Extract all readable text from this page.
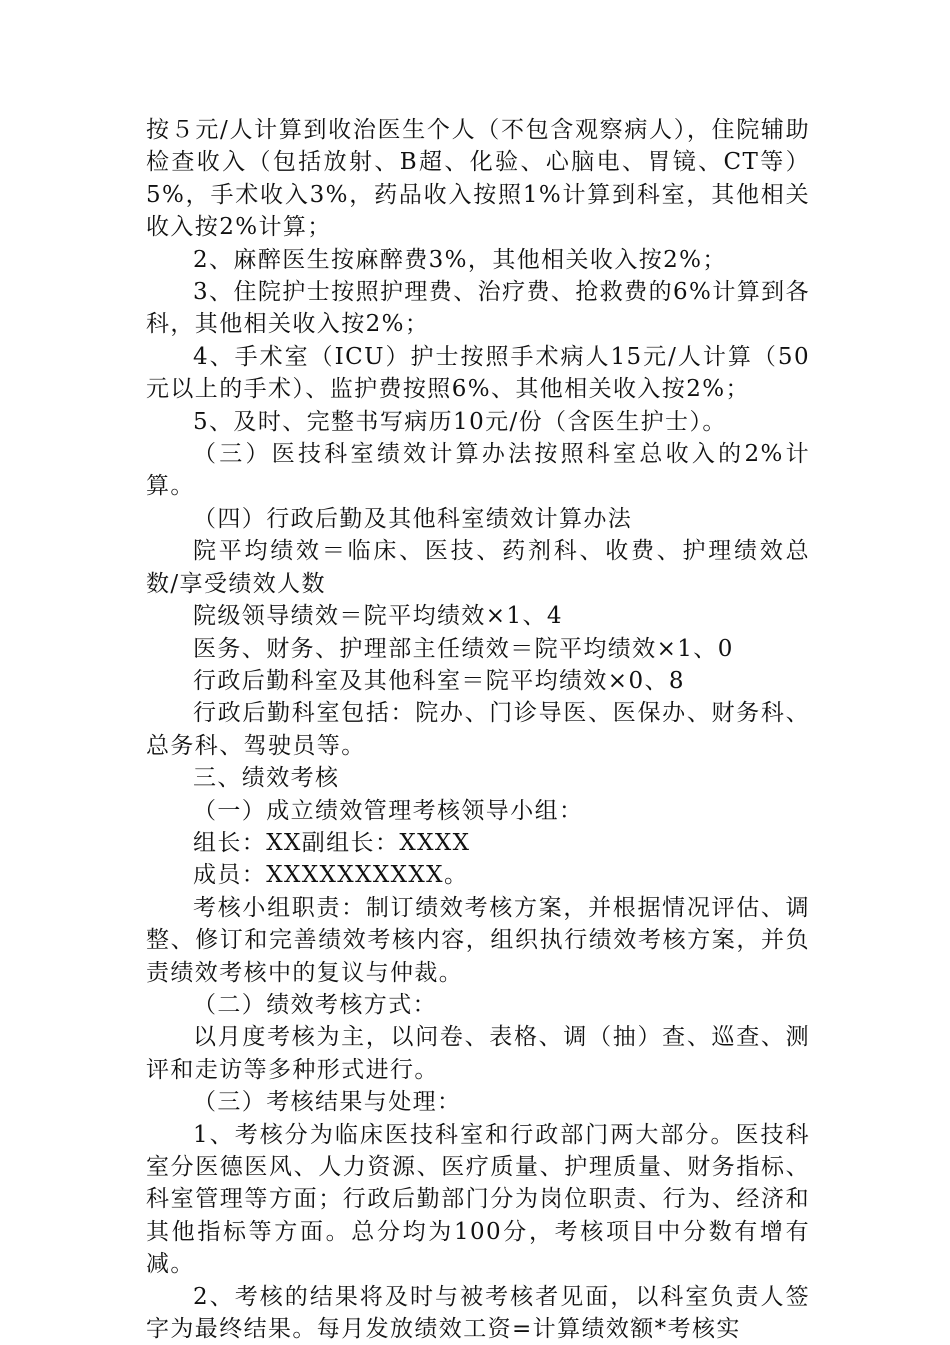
按５元/人计算到收治医生个人（不包含观察病人），住院辅助检查收入（包括放射、B超、化验、心脑电、胃镜、CT等）5%，手术收入3%，药品收入按照1%计算到科室，其他相关收入按2%计算；

2、麻醉医生按麻醉费3%，其他相关收入按2%；

3、住院护士按照护理费、治疗费、抢救费的6%计算到各科，其他相关收入按2%；

4、手术室（ICU）护士按照手术病人15元/人计算（50元以上的手术）、监护费按照6%、其他相关收入按2%；

5、及时、完整书写病历10元/份（含医生护士）。

（三）医技科室绩效计算办法按照科室总收入的2%计算。

（四）行政后勤及其他科室绩效计算办法

院平均绩效＝临床、医技、药剂科、收费、护理绩效总数/享受绩效人数

院级领导绩效＝院平均绩效×1、4

医务、财务、护理部主任绩效＝院平均绩效×1、0

行政后勤科室及其他科室＝院平均绩效×0、8

行政后勤科室包括：院办、门诊导医、医保办、财务科、总务科、驾驶员等。

三、绩效考核

（一）成立绩效管理考核领导小组：

组长：XX副组长：XXXX

成员：XXXXXXXXXX。

考核小组职责：制订绩效考核方案，并根据情况评估、调整、修订和完善绩效考核内容，组织执行绩效考核方案，并负责绩效考核中的复议与仲裁。

（二）绩效考核方式：

以月度考核为主，以问卷、表格、调（抽）查、巡查、测评和走访等多种形式进行。

（三）考核结果与处理：

1、考核分为临床医技科室和行政部门两大部分。医技科室分医德医风、人力资源、医疗质量、护理质量、财务指标、科室管理等方面；行政后勤部门分为岗位职责、行为、经济和其他指标等方面。总分均为100分，考核项目中分数有增有减。

2、考核的结果将及时与被考核者见面，以科室负责人签字为最终结果。每月发放绩效工资=计算绩效额*考核实
